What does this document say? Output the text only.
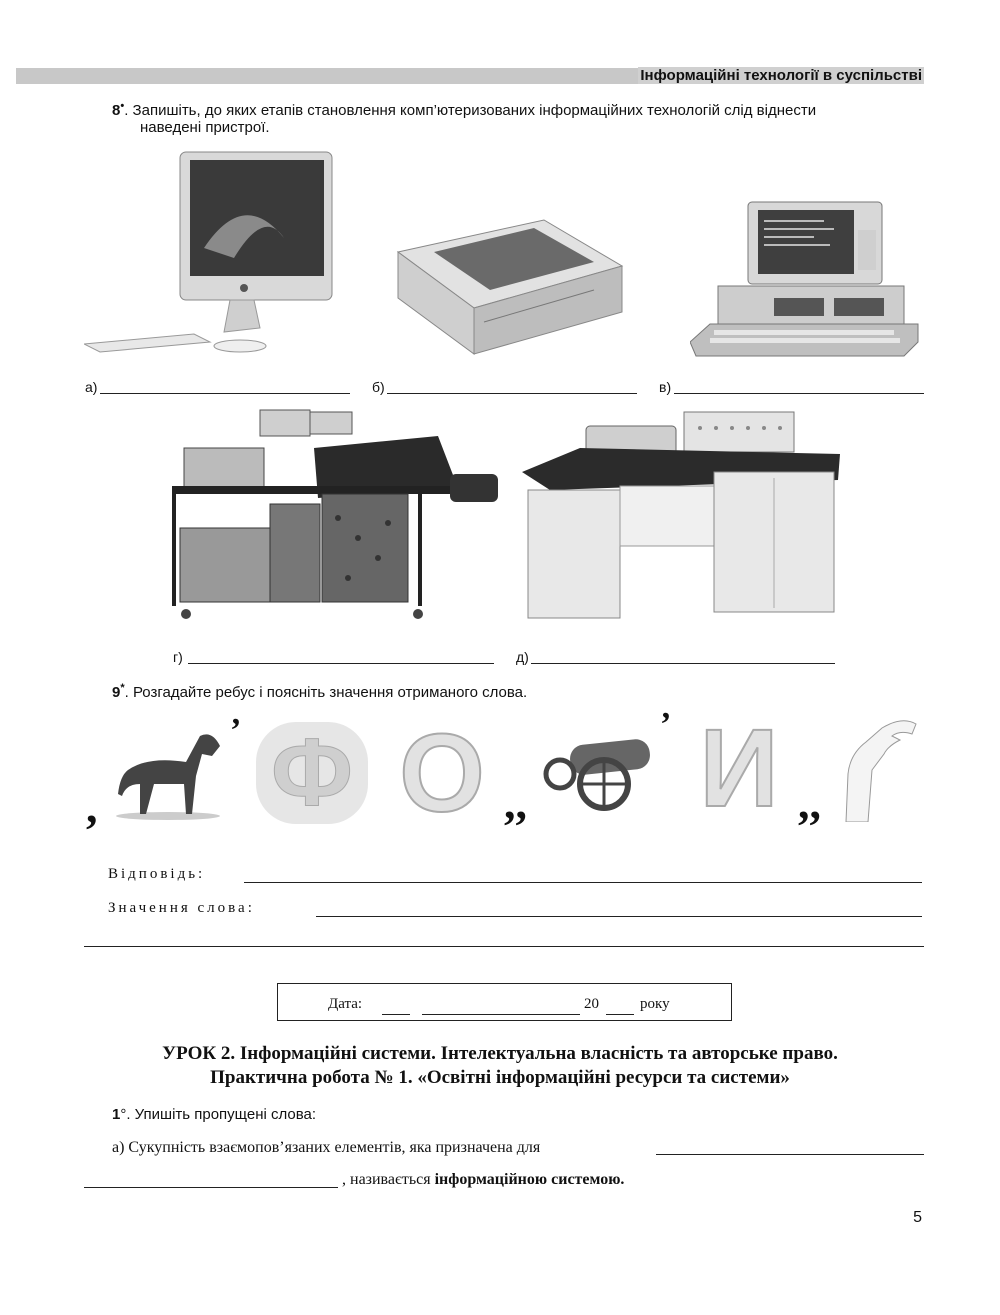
Інформаційні технології в суспільстві
8•. Запишіть, до яких етапів становлення комп’ютеризованих інформаційних технологій слід віднести
наведені пристрої.
а)	б)	в)
г)	д)
9*. Розгадайте ребус і поясніть значення отриманого слова.
,
’ Ф О ,,
’ И ,,
Відповідь:
Значення слова:
Дата:	20	року
УРОК 2. Інформаційні системи. Інтелектуальна власність та авторське право.
Практична робота № 1. «Освітні інформаційні ресурси та системи»
1°. Упишіть пропущені слова:
а) Сукупність взаємопов’язаних елементів, яка призначена для
, називається інформаційною системою.
5
